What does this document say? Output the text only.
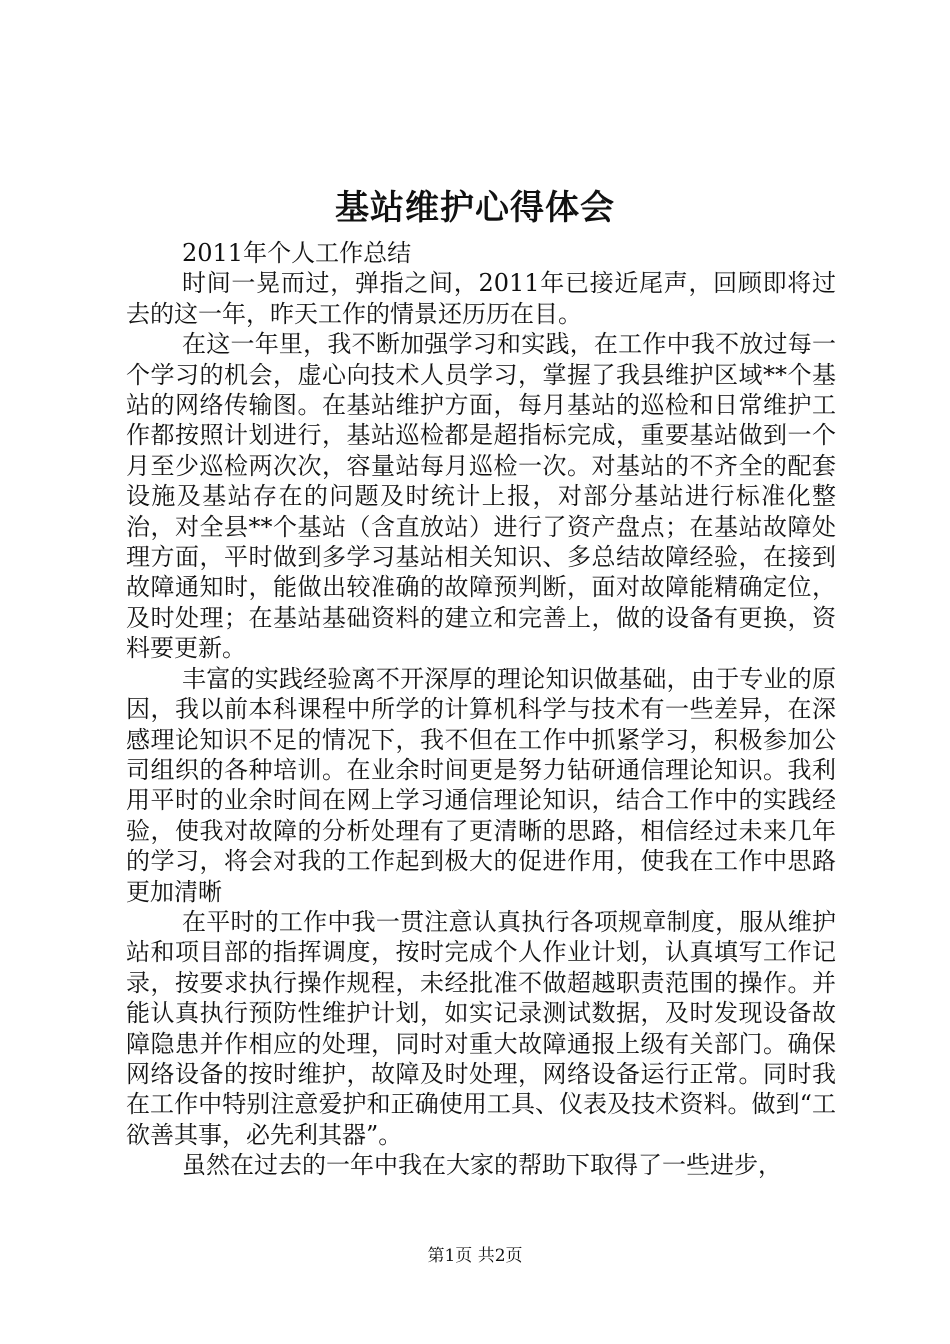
基站维护心得体会

2011年个人工作总结

时间一晃而过，弹指之间，2011年已接近尾声，回顾即将过去的这一年，昨天工作的情景还历历在目。

在这一年里，我不断加强学习和实践，在工作中我不放过每一个学习的机会，虚心向技术人员学习，掌握了我县维护区域**个基站的网络传输图。在基站维护方面，每月基站的巡检和日常维护工作都按照计划进行，基站巡检都是超指标完成，重要基站做到一个月至少巡检两次次，容量站每月巡检一次。对基站的不齐全的配套设施及基站存在的问题及时统计上报，对部分基站进行标准化整治，对全县**个基站（含直放站）进行了资产盘点；在基站故障处理方面，平时做到多学习基站相关知识、多总结故障经验，在接到故障通知时，能做出较准确的故障预判断，面对故障能精确定位，及时处理；在基站基础资料的建立和完善上，做的设备有更换，资料要更新。

丰富的实践经验离不开深厚的理论知识做基础，由于专业的原因，我以前本科课程中所学的计算机科学与技术有一些差异，在深感理论知识不足的情况下，我不但在工作中抓紧学习，积极参加公司组织的各种培训。在业余时间更是努力钻研通信理论知识。我利用平时的业余时间在网上学习通信理论知识，结合工作中的实践经验，使我对故障的分析处理有了更清晰的思路，相信经过未来几年的学习，将会对我的工作起到极大的促进作用，使我在工作中思路更加清晰

在平时的工作中我一贯注意认真执行各项规章制度，服从维护站和项目部的指挥调度，按时完成个人作业计划，认真填写工作记录，按要求执行操作规程，未经批准不做超越职责范围的操作。并能认真执行预防性维护计划，如实记录测试数据，及时发现设备故障隐患并作相应的处理，同时对重大故障通报上级有关部门。确保网络设备的按时维护，故障及时处理，网络设备运行正常。同时我在工作中特别注意爱护和正确使用工具、仪表及技术资料。做到“工欲善其事，必先利其器”。

虽然在过去的一年中我在大家的帮助下取得了一些进步，

第1页 共2页
